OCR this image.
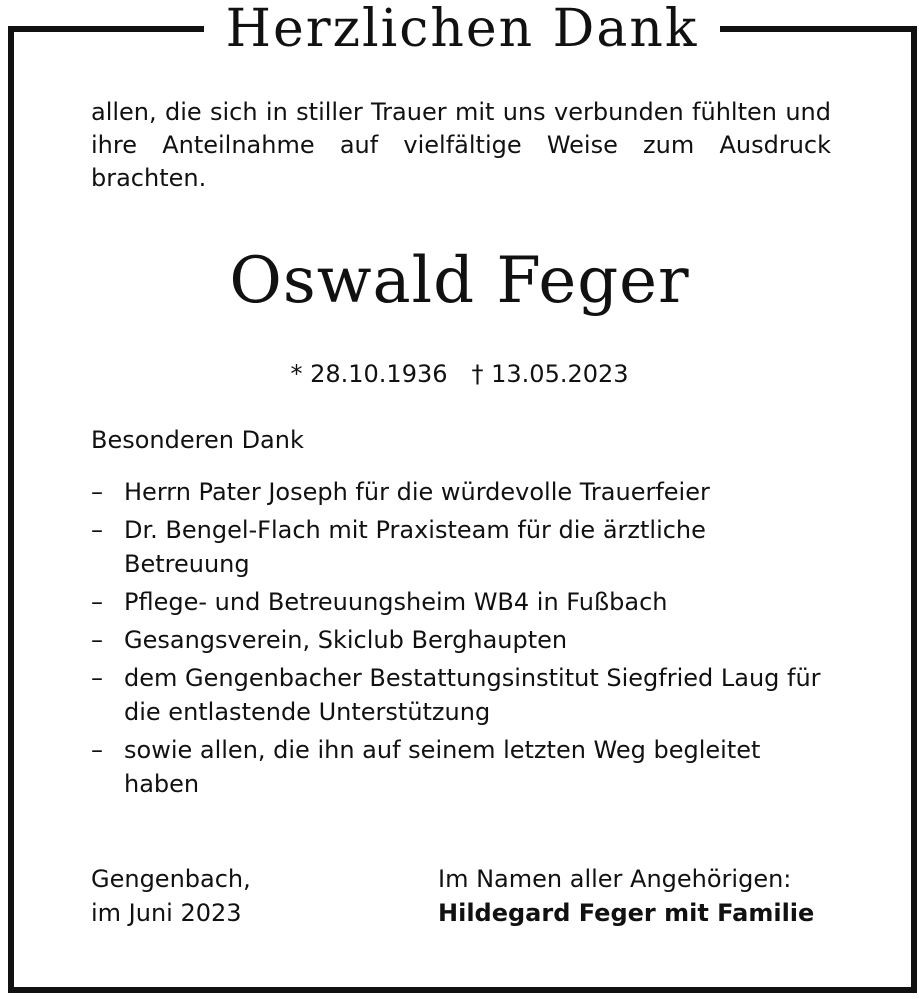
Herzlichen Dank

allen, die sich in stiller Trauer mit uns verbunden fühlten und ihre Anteilnahme auf vielfältige Weise zum Ausdruck brachten.

Oswald Feger
* 28.10.1936 † 13.05.2023
Besonderen Dank
– Herrn Pater Joseph für die würdevolle Trauerfeier
– Dr. Bengel-Flach mit Praxisteam für die ärztliche Betreuung
– Pflege- und Betreuungsheim WB4 in Fußbach
– Gesangsverein, Skiclub Berghaupten
– dem Gengenbacher Bestattungsinstitut Siegfried Laug für die entlastende Unterstützung
– sowie allen, die ihn auf seinem letzten Weg begleitet haben
Gengenbach,
im Juni 2023
Im Namen aller Angehörigen:
Hildegard Feger mit Familie
